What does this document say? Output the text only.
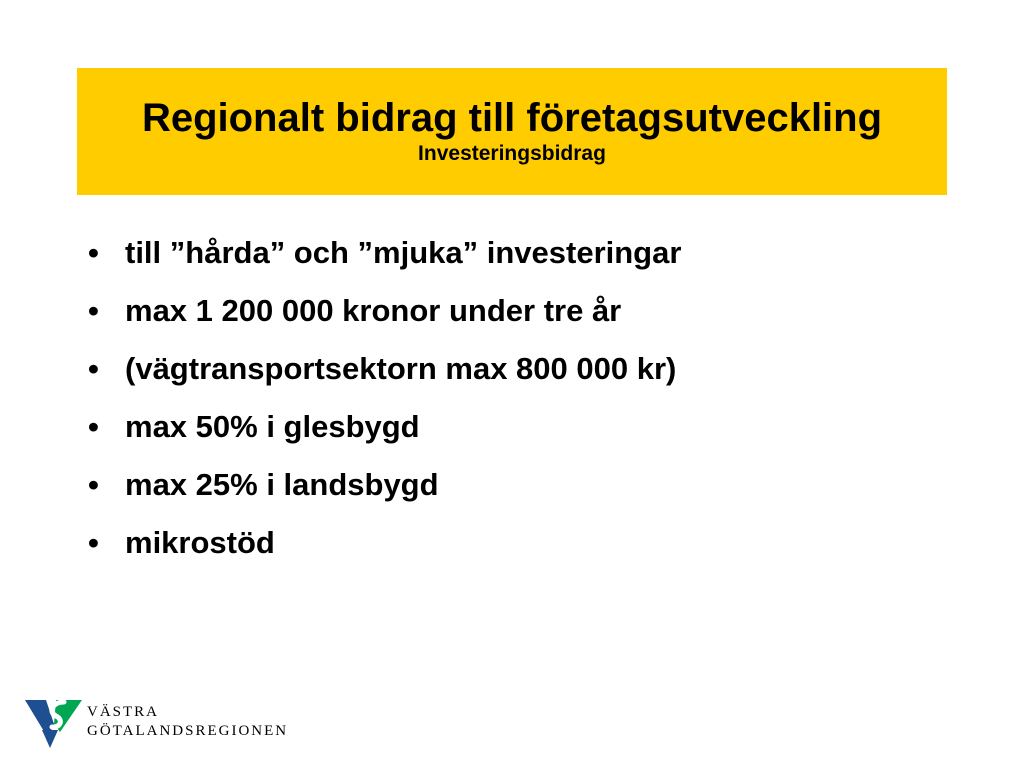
Regionalt bidrag till företagsutveckling

Investeringsbidrag

• till ”hårda” och ”mjuka” investeringar
• max 1 200 000 kronor under tre år
• (vägtransportsektorn max 800 000 kr)
• max 50% i glesbygd
• max 25% i landsbygd
• mikrostöd
VÄSTRA
GÖTALANDSREGIONEN
